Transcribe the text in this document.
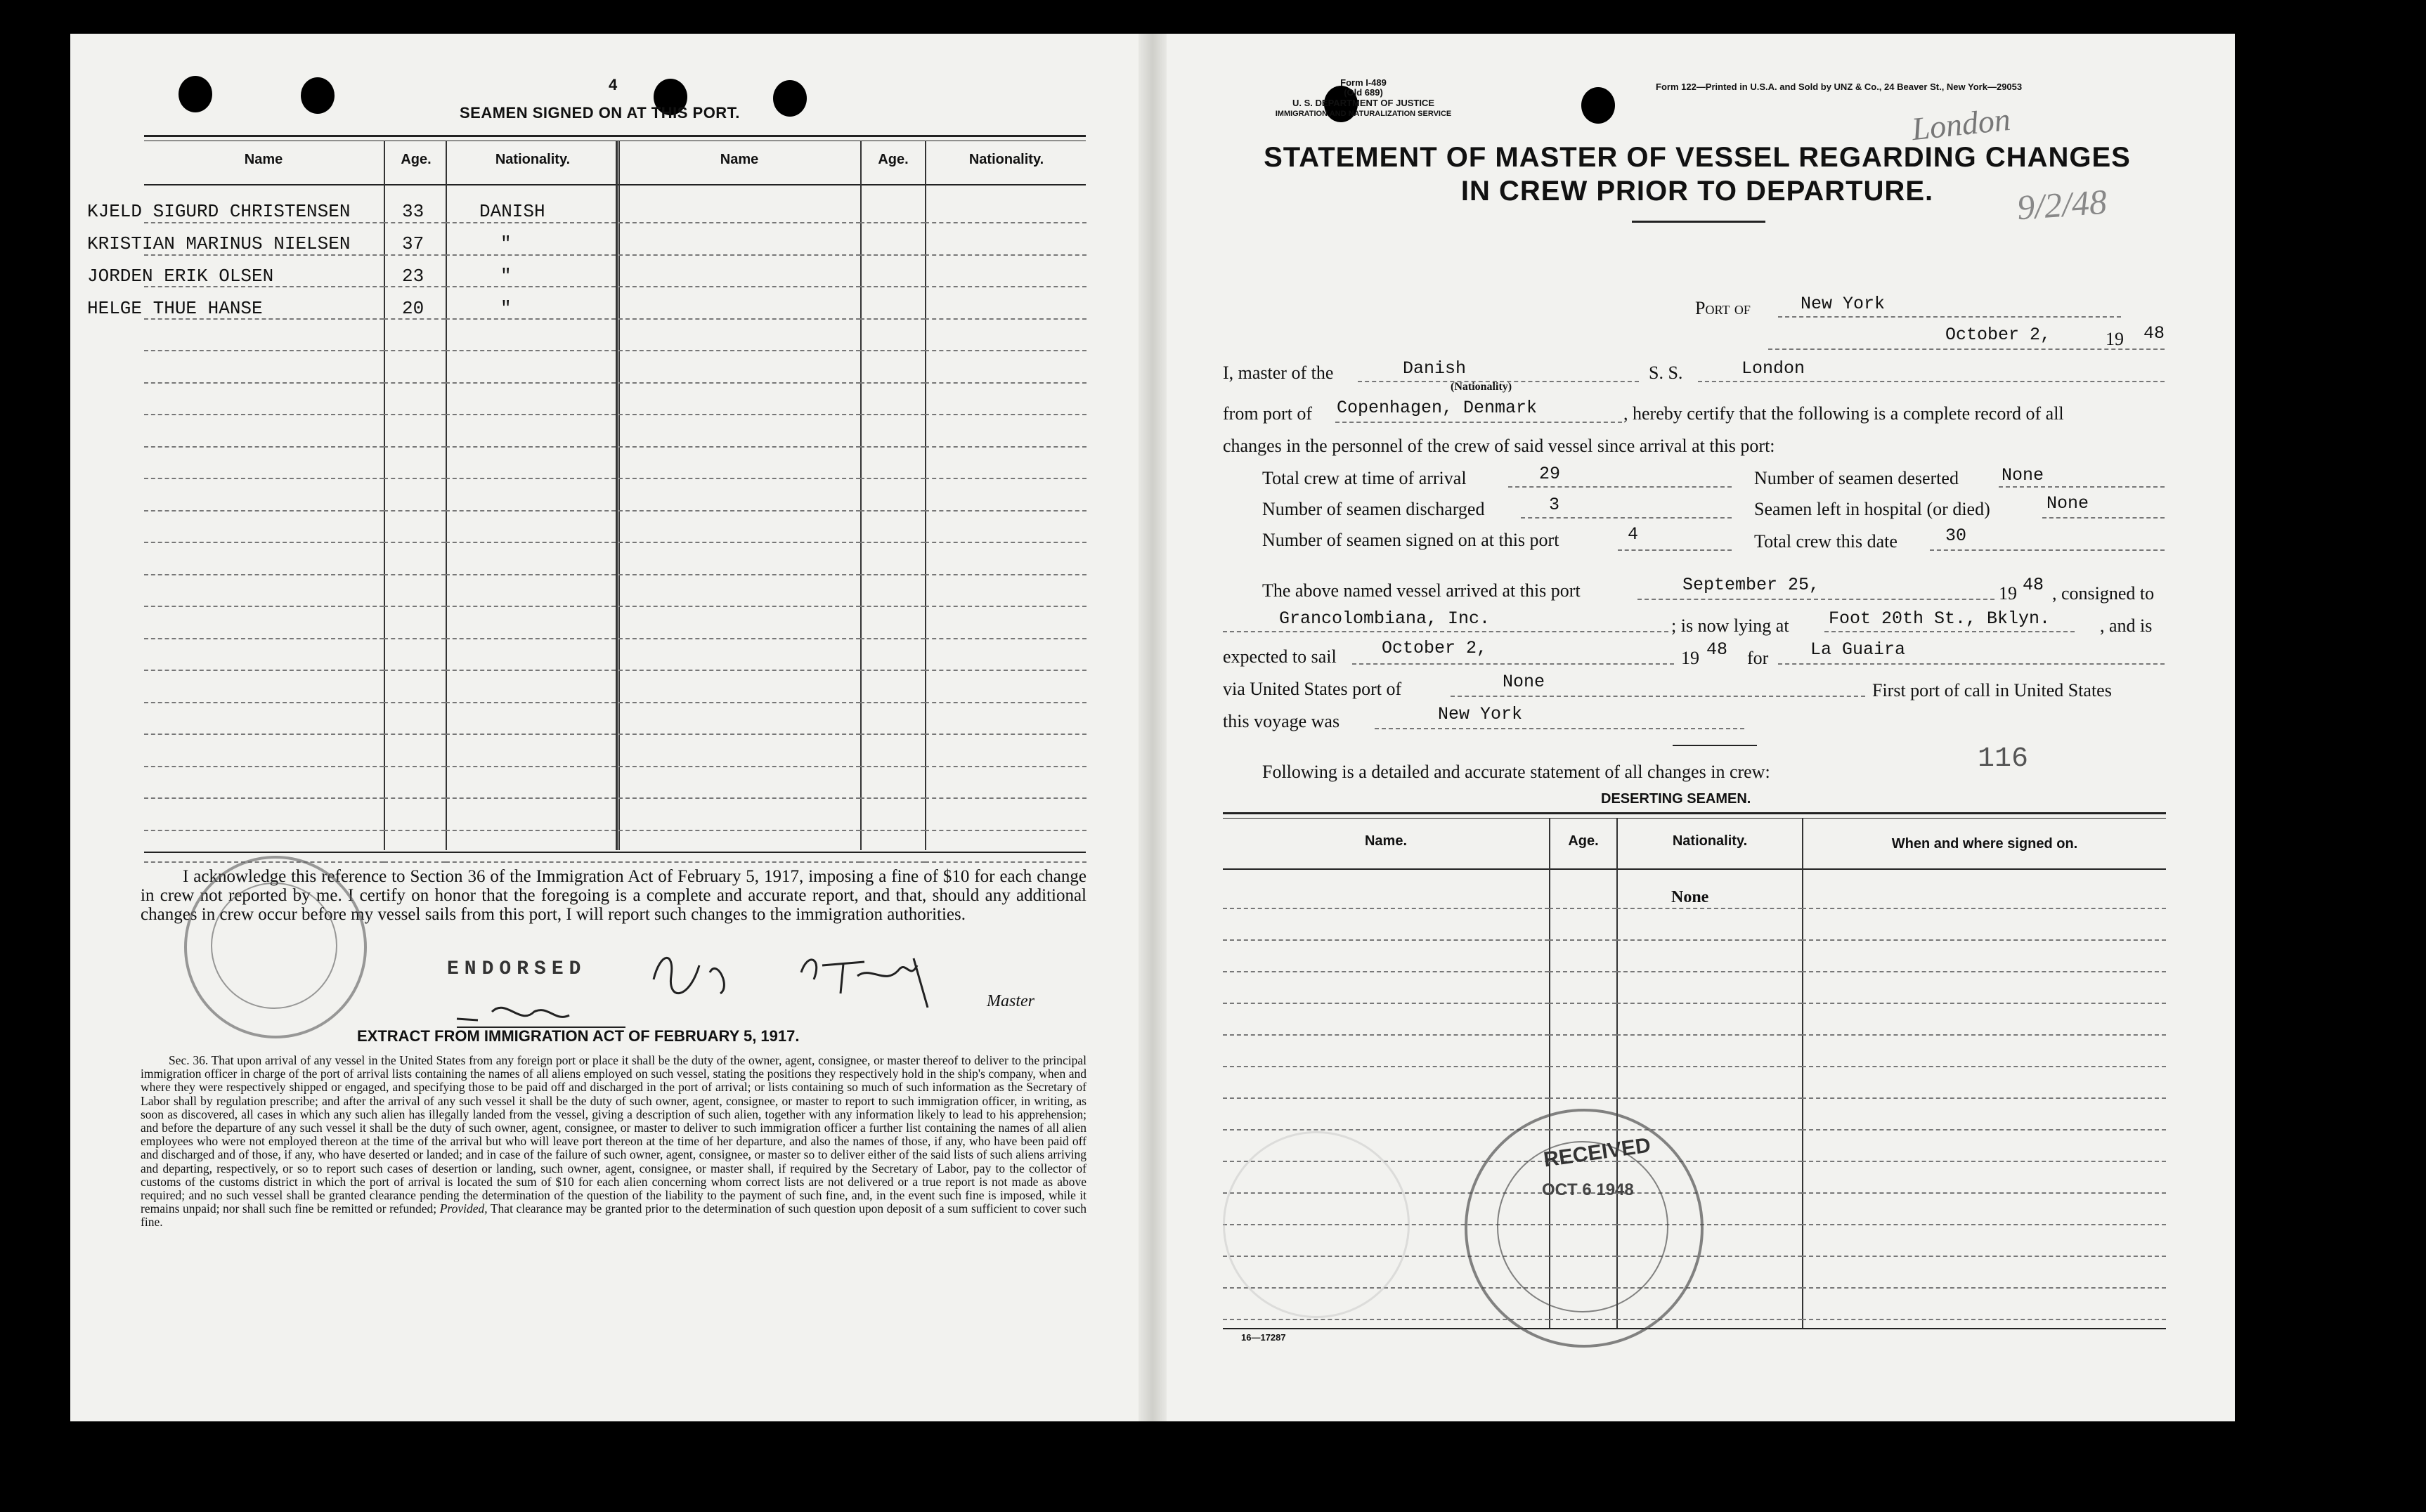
4
SEAMEN SIGNED ON AT THIS PORT.
Name	Age.	Nationality.	Name	Age.	Nationality.
KJELD SIGURD CHRISTENSEN	33	DANISH
KRISTIAN MARINUS NIELSEN	37	"
JORDEN ERIK OLSEN	23	"
HELGE THUE HANSE	20	"
I acknowledge this reference to Section 36 of the Immigration Act of February 5, 1917, imposing a fine of $10 for each change in crew not reported by me. I certify on honor that the foregoing is a complete and accurate report, and that, should any additional changes in crew occur before my vessel sails from this port, I will report such changes to the immigration authorities.
ENDORSED
Master
EXTRACT FROM IMMIGRATION ACT OF FEBRUARY 5, 1917.
Sec. 36. That upon arrival of any vessel in the United States from any foreign port or place it shall be the duty of the owner, agent, consignee, or master thereof to deliver to the principal immigration officer in charge of the port of arrival lists containing the names of all aliens employed on such vessel, stating the positions they respectively hold in the ship's company, when and where they were respectively shipped or engaged, and specifying those to be paid off and discharged in the port of arrival; or lists containing so much of such information as the Secretary of Labor shall by regulation prescribe; and after the arrival of any such vessel it shall be the duty of such owner, agent, consignee, or master to report to such immigration officer, in writing, as soon as discovered, all cases in which any such alien has illegally landed from the vessel, giving a description of such alien, together with any information likely to lead to his apprehension; and before the departure of any such vessel it shall be the duty of such owner, agent, consignee, or master to deliver to such immigration officer a further list containing the names of all alien employees who were not employed thereon at the time of the arrival but who will leave port thereon at the time of her departure, and also the names of those, if any, who have been paid off and discharged and of those, if any, who have deserted or landed; and in case of the failure of such owner, agent, consignee, or master so to deliver either of the said lists of such aliens arriving and departing, respectively, or so to report such cases of desertion or landing, such owner, agent, consignee, or master shall, if required by the Secretary of Labor, pay to the collector of customs of the customs district in which the port of arrival is located the sum of $10 for each alien concerning whom correct lists are not delivered or a true report is not made as above required; and no such vessel shall be granted clearance pending the determination of the question of the liability to the payment of such fine, and, in the event such fine is imposed, while it remains unpaid; nor shall such fine be remitted or refunded; Provided, That clearance may be granted prior to the determination of such question upon deposit of a sum sufficient to cover such fine.
Form I-489
(Old 689)
U. S. DEPARTMENT OF JUSTICE
IMMIGRATION AND NATURALIZATION SERVICE
Form 122—Printed in U.S.A. and Sold by UNZ & Co., 24 Beaver St., New York—29053
London
9/2/48
STATEMENT OF MASTER OF VESSEL REGARDING CHANGES
IN CREW PRIOR TO DEPARTURE.
Port of	New York
October 2,	19 48
I, master of the	Danish
(Nationality)
S. S.	London
from port of Copenhagen, Denmark	, hereby certify that the following is a complete record of all
changes in the personnel of the crew of said vessel since arrival at this port:
Total crew at time of arrival	29	Number of seamen deserted None
Number of seamen discharged	3	Seamen left in hospital (or died)	None
Number of seamen signed on at this port	4	Total crew this date	30
The above named vessel arrived at this port	September 25,	19 48 , consigned to
Grancolombiana, Inc.	; is now lying at Foot 20th St., Bklyn.	, and is
expected to sail	October 2,	19 48 for La Guaira
via United States port of	None	First port of call in United States
this voyage was	New York
Following is a detailed and accurate statement of all changes in crew:	116
DESERTING SEAMEN.
Name.	Age.	Nationality.	When and where signed on.
None
RECEIVED
OCT 6 1948
16—17287
